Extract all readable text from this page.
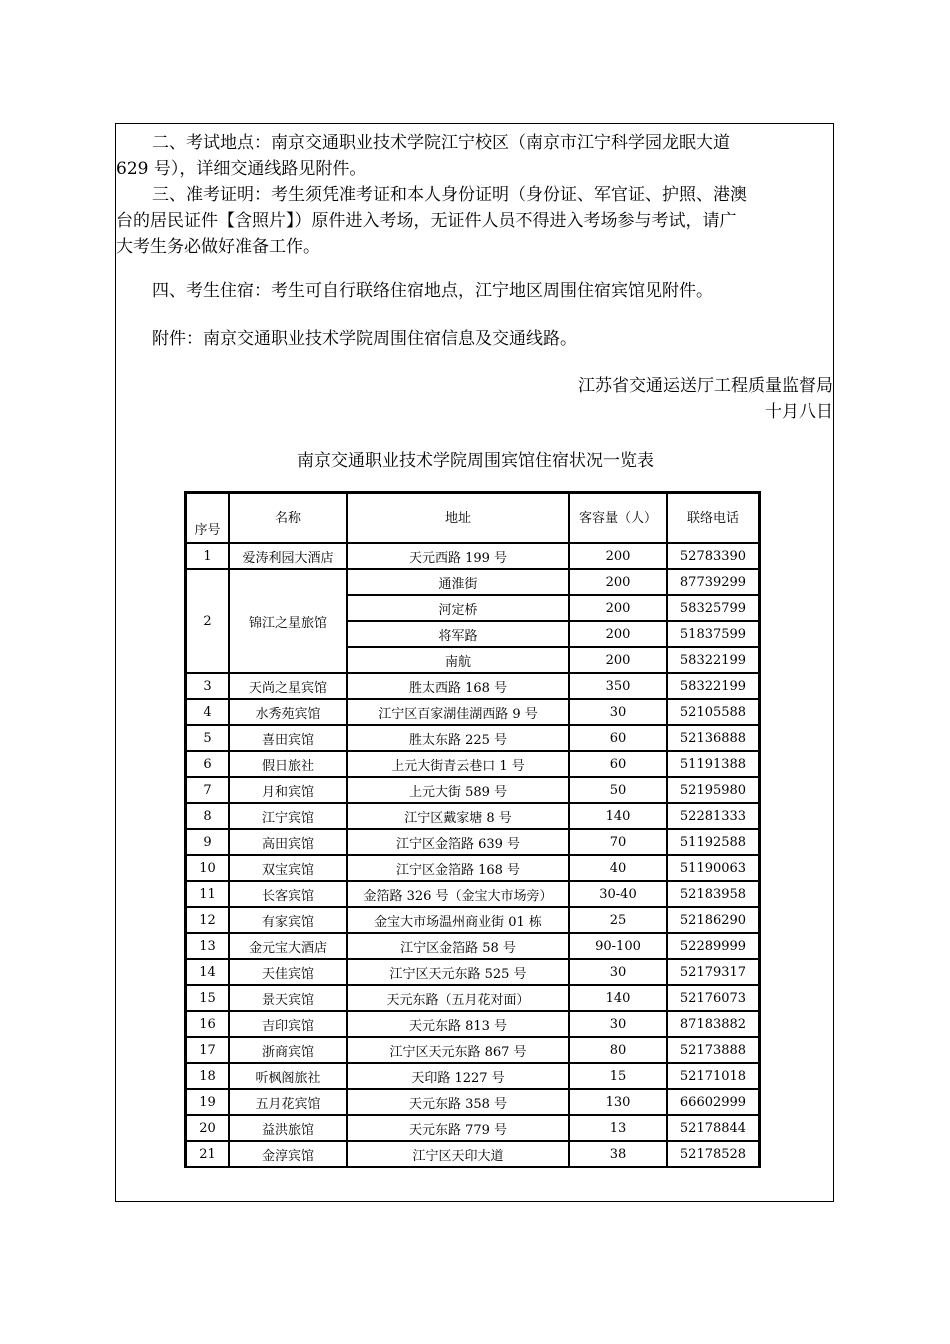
二、考试地点：南京交通职业技术学院江宁校区（南京市江宁科学园龙眠大道

629 号），详细交通线路见附件。

三、准考证明：考生须凭准考证和本人身份证明（身份证、军官证、护照、港澳

台的居民证件【含照片】）原件进入考场，无证件人员不得进入考场参与考试，请广

大考生务必做好准备工作。

四、考生住宿：考生可自行联络住宿地点，江宁地区周围住宿宾馆见附件。

附件：南京交通职业技术学院周围住宿信息及交通线路。

江苏省交通运送厅工程质量监督局

十月八日

南京交通职业技术学院周围宾馆住宿状况一览表
序号	名称	地址	客容量（人）	联络电话
1	爱涛利园大酒店	天元西路 199 号	200	52783390
2	锦江之星旅馆	通淮街	200	87739299
		河定桥	200	58325799
		将军路	200	51837599
		南航	200	58322199
3	天尚之星宾馆	胜太西路 168 号	350	58322199
4	水秀苑宾馆	江宁区百家湖佳湖西路 9 号	30	52105588
5	喜田宾馆	胜太东路 225 号	60	52136888
6	假日旅社	上元大街青云巷口 1 号	60	51191388
7	月和宾馆	上元大街 589 号	50	52195980
8	江宁宾馆	江宁区戴家塘 8 号	140	52281333
9	高田宾馆	江宁区金箔路 639 号	70	51192588
10	双宝宾馆	江宁区金箔路 168 号	40	51190063
11	长客宾馆	金箔路 326 号（金宝大市场旁）	30-40	52183958
12	有家宾馆	金宝大市场温州商业街 01 栋	25	52186290
13	金元宝大酒店	江宁区金箔路 58 号	90-100	52289999
14	天佳宾馆	江宁区天元东路 525 号	30	52179317
15	景天宾馆	天元东路（五月花对面）	140	52176073
16	吉印宾馆	天元东路 813 号	30	87183882
17	浙商宾馆	江宁区天元东路 867 号	80	52173888
18	听枫阁旅社	天印路 1227 号	15	52171018
19	五月花宾馆	天元东路 358 号	130	66602999
20	益洪旅馆	天元东路 779 号	13	52178844
21	金淳宾馆	江宁区天印大道	38	52178528
